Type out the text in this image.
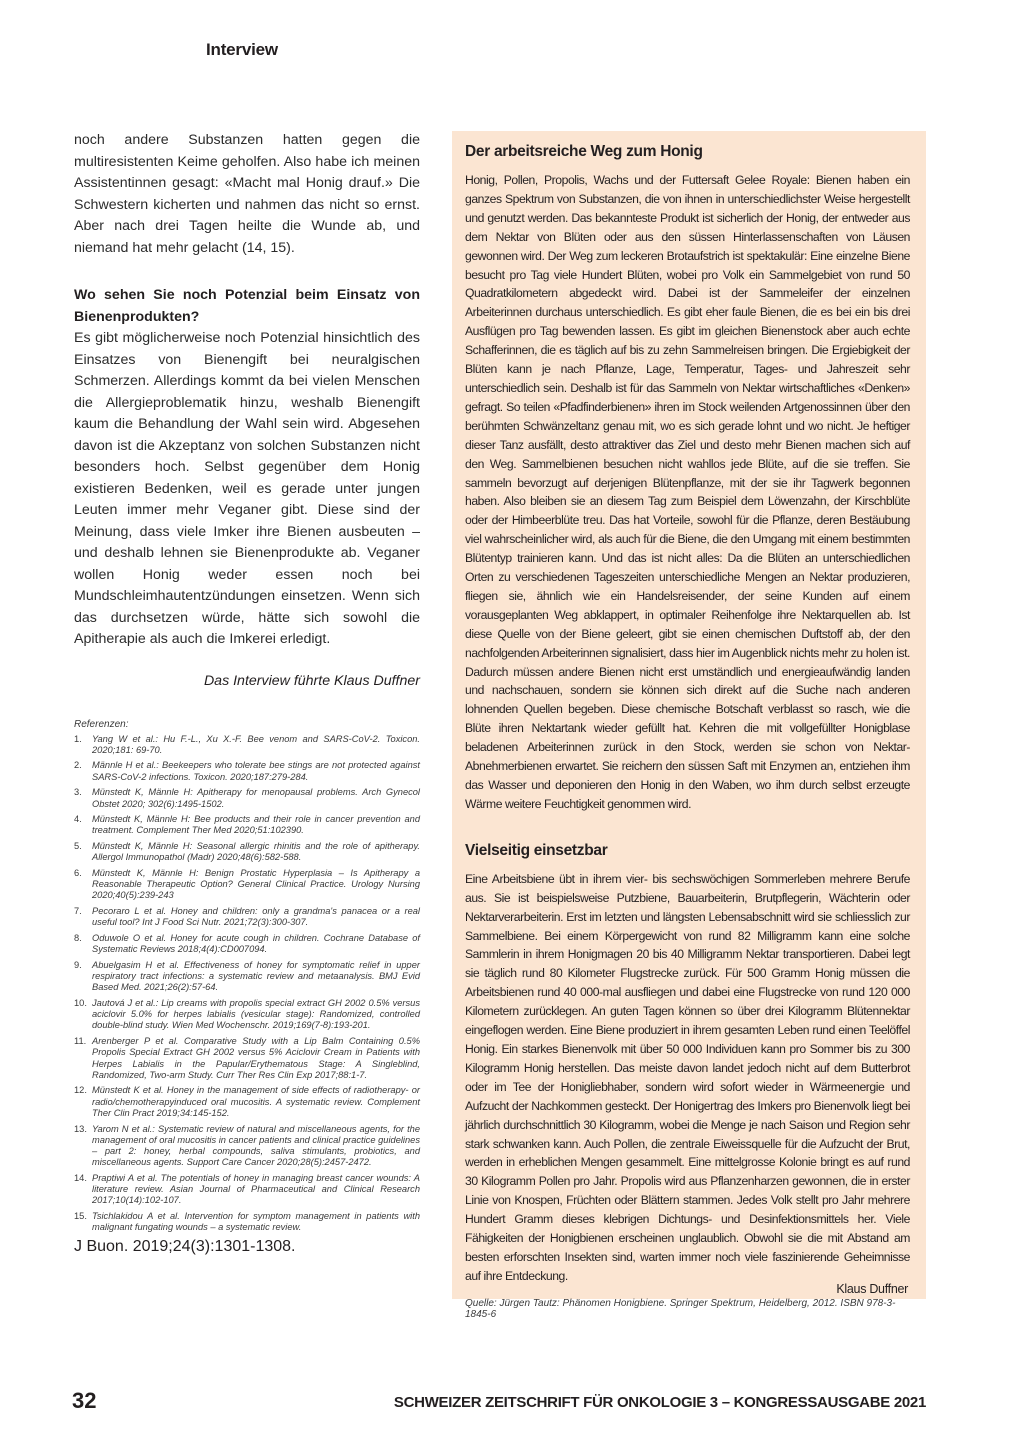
Interview

noch andere Substanzen hatten gegen die multiresistenten Keime geholfen. Also habe ich meinen Assistentinnen gesagt: «Macht mal Honig drauf.» Die Schwestern kicherten und nahmen das nicht so ernst. Aber nach drei Tagen heilte die Wunde ab, und niemand hat mehr gelacht (14, 15).

Wo sehen Sie noch Potenzial beim Einsatz von Bienenprodukten?

Es gibt möglicherweise noch Potenzial hinsichtlich des Einsatzes von Bienengift bei neuralgischen Schmerzen. Allerdings kommt da bei vielen Menschen die Allergieproblematik hinzu, weshalb Bienengift kaum die Behandlung der Wahl sein wird. Abgesehen davon ist die Akzeptanz von solchen Substanzen nicht besonders hoch. Selbst gegenüber dem Honig existieren Bedenken, weil es gerade unter jungen Leuten immer mehr Veganer gibt. Diese sind der Meinung, dass viele Imker ihre Bienen ausbeuten – und deshalb lehnen sie Bienenprodukte ab. Veganer wollen Honig weder essen noch bei Mundschleimhautentzündungen einsetzen. Wenn sich das durchsetzen würde, hätte sich sowohl die Apitherapie als auch die Imkerei erledigt.

Das Interview führte Klaus Duffner

Referenzen:
1. Yang W et al.: Hu F.-L., Xu X.-F. Bee venom and SARS-CoV-2. Toxicon. 2020;181: 69-70.
2. Männle H et al.: Beekeepers who tolerate bee stings are not protected against SARS-CoV-2 infections. Toxicon. 2020;187:279-284.
3. Münstedt K, Männle H: Apitherapy for menopausal problems. Arch Gynecol Obstet 2020; 302(6):1495-1502.
4. Münstedt K, Männle H: Bee products and their role in cancer prevention and treatment. Complement Ther Med 2020;51:102390.
5. Münstedt K, Männle H: Seasonal allergic rhinitis and the role of apitherapy. Allergol Immunopathol (Madr) 2020;48(6):582-588.
6. Münstedt K, Männle H: Benign Prostatic Hyperplasia – Is Apitherapy a Reasonable Therapeutic Option? General Clinical Practice. Urology Nursing 2020;40(5):239-243
7. Pecoraro L et al. Honey and children: only a grandma's panacea or a real useful tool? Int J Food Sci Nutr. 2021;72(3):300-307.
8. Oduwole O et al. Honey for acute cough in children. Cochrane Database of Systematic Reviews 2018;4(4):CD007094.
9. Abuelgasim H et al. Effectiveness of honey for symptomatic relief in upper respiratory tract infections: a systematic review and metaanalysis. BMJ Evid Based Med. 2021;26(2):57-64.
10. Jautová J et al.: Lip creams with propolis special extract GH 2002 0.5% versus aciclovir 5.0% for herpes labialis (vesicular stage): Randomized, controlled double-blind study. Wien Med Wochenschr. 2019;169(7-8):193-201.
11. Arenberger P et al. Comparative Study with a Lip Balm Containing 0.5% Propolis Special Extract GH 2002 versus 5% Aciclovir Cream in Patients with Herpes Labialis in the Papular/Erythematous Stage: A Singleblind, Randomized, Two-arm Study. Curr Ther Res Clin Exp 2017;88:1-7.
12. Münstedt K et al. Honey in the management of side effects of radiotherapy- or radio/chemotherapyinduced oral mucositis. A systematic review. Complement Ther Clin Pract 2019;34:145-152.
13. Yarom N et al.: Systematic review of natural and miscellaneous agents, for the management of oral mucositis in cancer patients and clinical practice guidelines – part 2: honey, herbal compounds, saliva stimulants, probiotics, and miscellaneous agents. Support Care Cancer 2020;28(5):2457-2472.
14. Praptiwi A et al. The potentials of honey in managing breast cancer wounds: A literature review. Asian Journal of Pharmaceutical and Clinical Research 2017;10(14):102-107.
15. Tsichlakidou A et al. Intervention for symptom management in patients with malignant fungating wounds – a systematic review.
J Buon. 2019;24(3):1301-1308.
Der arbeitsreiche Weg zum Honig

Honig, Pollen, Propolis, Wachs und der Futtersaft Gelee Royale: Bienen haben ein ganzes Spektrum von Substanzen, die von ihnen in unterschiedlichster Weise hergestellt und genutzt werden. Das bekannteste Produkt ist sicherlich der Honig, der entweder aus dem Nektar von Blüten oder aus den süssen Hinterlassenschaften von Läusen gewonnen wird. Der Weg zum leckeren Brotaufstrich ist spektakulär: Eine einzelne Biene besucht pro Tag viele Hundert Blüten, wobei pro Volk ein Sammelgebiet von rund 50 Quadratkilometern abgedeckt wird. Dabei ist der Sammeleifer der einzelnen Arbeiterinnen durchaus unterschiedlich. Es gibt eher faule Bienen, die es bei ein bis drei Ausflügen pro Tag bewenden lassen. Es gibt im gleichen Bienenstock aber auch echte Schafferinnen, die es täglich auf bis zu zehn Sammelreisen bringen. Die Ergiebigkeit der Blüten kann je nach Pflanze, Lage, Temperatur, Tages- und Jahreszeit sehr unterschiedlich sein. Deshalb ist für das Sammeln von Nektar wirtschaftliches «Denken» gefragt. So teilen «Pfadfinderbienen» ihren im Stock weilenden Artgenossinnen über den berühmten Schwänzeltanz genau mit, wo es sich gerade lohnt und wo nicht. Je heftiger dieser Tanz ausfällt, desto attraktiver das Ziel und desto mehr Bienen machen sich auf den Weg. Sammelbienen besuchen nicht wahllos jede Blüte, auf die sie treffen. Sie sammeln bevorzugt auf derjenigen Blütenpflanze, mit der sie ihr Tagwerk begonnen haben. Also bleiben sie an diesem Tag zum Beispiel dem Löwenzahn, der Kirschblüte oder der Himbeerblüte treu. Das hat Vorteile, sowohl für die Pflanze, deren Bestäubung viel wahrscheinlicher wird, als auch für die Biene, die den Umgang mit einem bestimmten Blütentyp trainieren kann. Und das ist nicht alles: Da die Blüten an unterschiedlichen Orten zu verschiedenen Tageszeiten unterschiedliche Mengen an Nektar produzieren, fliegen sie, ähnlich wie ein Handelsreisender, der seine Kunden auf einem vorausgeplanten Weg abklappert, in optimaler Reihenfolge ihre Nektarquellen ab. Ist diese Quelle von der Biene geleert, gibt sie einen chemischen Duftstoff ab, der den nachfolgenden Arbeiterinnen signalisiert, dass hier im Augenblick nichts mehr zu holen ist. Dadurch müssen andere Bienen nicht erst umständlich und energieaufwändig landen und nachschauen, sondern sie können sich direkt auf die Suche nach anderen lohnenden Quellen begeben. Diese chemische Botschaft verblasst so rasch, wie die Blüte ihren Nektartank wieder gefüllt hat. Kehren die mit vollgefüllter Honigblase beladenen Arbeiterinnen zurück in den Stock, werden sie schon von Nektar-Abnehmerbienen erwartet. Sie reichern den süssen Saft mit Enzymen an, entziehen ihm das Wasser und deponieren den Honig in den Waben, wo ihm durch selbst erzeugte Wärme weitere Feuchtigkeit genommen wird.

Vielseitig einsetzbar

Eine Arbeitsbiene übt in ihrem vier- bis sechswöchigen Sommerleben mehrere Berufe aus. Sie ist beispielsweise Putzbiene, Bauarbeiterin, Brutpflegerin, Wächterin oder Nektarverarbeiterin. Erst im letzten und längsten Lebensabschnitt wird sie schliesslich zur Sammelbiene. Bei einem Körpergewicht von rund 82 Milligramm kann eine solche Sammlerin in ihrem Honigmagen 20 bis 40 Milligramm Nektar transportieren. Dabei legt sie täglich rund 80 Kilometer Flugstrecke zurück. Für 500 Gramm Honig müssen die Arbeitsbienen rund 40 000-mal ausfliegen und dabei eine Flugstrecke von rund 120 000 Kilometern zurücklegen. An guten Tagen können so über drei Kilogramm Blütennektar eingeflogen werden. Eine Biene produziert in ihrem gesamten Leben rund einen Teelöffel Honig. Ein starkes Bienenvolk mit über 50 000 Individuen kann pro Sommer bis zu 300 Kilogramm Honig herstellen. Das meiste davon landet jedoch nicht auf dem Butterbrot oder im Tee der Honigliebhaber, sondern wird sofort wieder in Wärmeenergie und Aufzucht der Nachkommen gesteckt. Der Honigertrag des Imkers pro Bienenvolk liegt bei jährlich durchschnittlich 30 Kilogramm, wobei die Menge je nach Saison und Region sehr stark schwanken kann. Auch Pollen, die zentrale Eiweissquelle für die Aufzucht der Brut, werden in erheblichen Mengen gesammelt. Eine mittelgrosse Kolonie bringt es auf rund 30 Kilogramm Pollen pro Jahr. Propolis wird aus Pflanzenharzen gewonnen, die in erster Linie von Knospen, Früchten oder Blättern stammen. Jedes Volk stellt pro Jahr mehrere Hundert Gramm dieses klebrigen Dichtungs- und Desinfektionsmittels her. Viele Fähigkeiten der Honigbienen erscheinen unglaublich. Obwohl sie die mit Abstand am besten erforschten Insekten sind, warten immer noch viele faszinierende Geheimnisse auf ihre Entdeckung.

Klaus Duffner

Quelle: Jürgen Tautz: Phänomen Honigbiene. Springer Spektrum, Heidelberg, 2012. ISBN 978-3-1845-6

32	SCHWEIZER ZEITSCHRIFT FÜR ONKOLOGIE 3 – KONGRESSAUSGABE 2021
